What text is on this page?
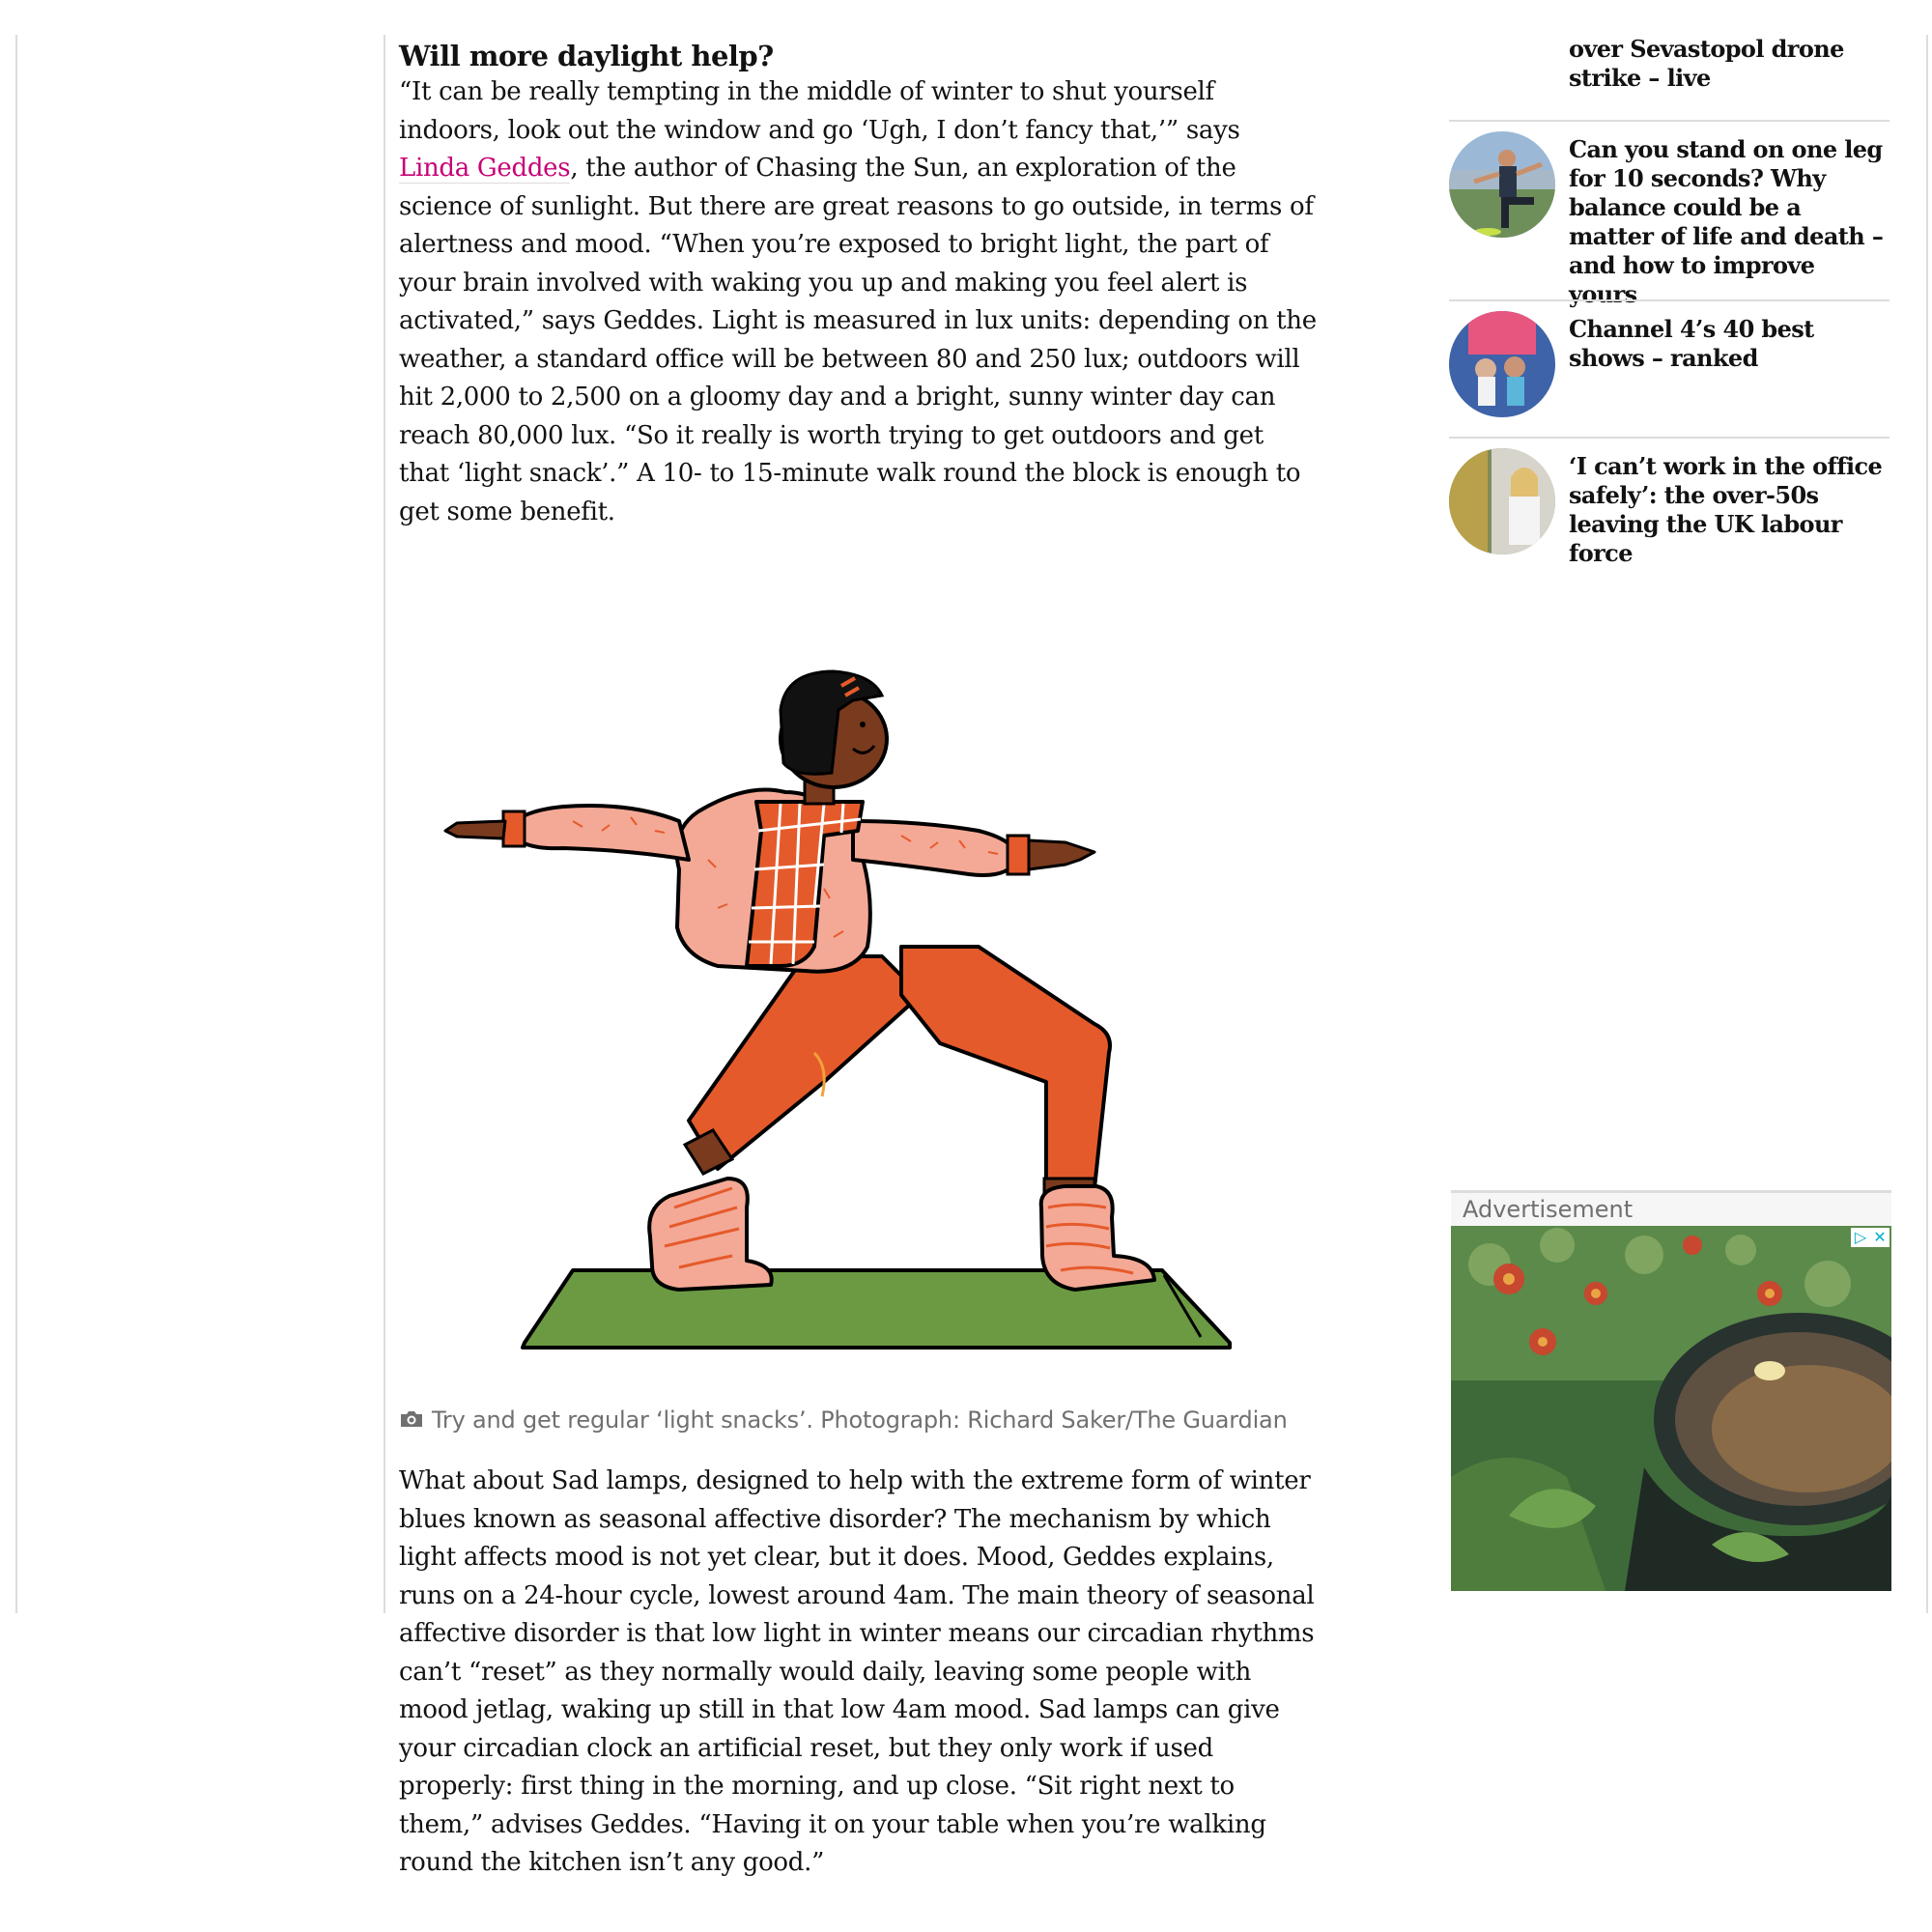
Will more daylight help?

“It can be really tempting in the middle of winter to shut yourself indoors, look out the window and go ‘Ugh, I don’t fancy that,’” says Linda Geddes, the author of Chasing the Sun, an exploration of the science of sunlight. But there are great reasons to go outside, in terms of alertness and mood. “When you’re exposed to bright light, the part of your brain involved with waking you up and making you feel alert is activated,” says Geddes. Light is measured in lux units: depending on the weather, a standard office will be between 80 and 250 lux; outdoors will hit 2,000 to 2,500 on a gloomy day and a bright, sunny winter day can reach 80,000 lux. “So it really is worth trying to get outdoors and get that ‘light snack’.” A 10- to 15-minute walk round the block is enough to get some benefit.

Try and get regular ‘light snacks’. Photograph: Richard Saker/The Guardian

What about Sad lamps, designed to help with the extreme form of winter blues known as seasonal affective disorder? The mechanism by which light affects mood is not yet clear, but it does. Mood, Geddes explains, runs on a 24-hour cycle, lowest around 4am. The main theory of seasonal affective disorder is that low light in winter means our circadian rhythms can’t “reset” as they normally would daily, leaving some people with mood jetlag, waking up still in that low 4am mood. Sad lamps can give your circadian clock an artificial reset, but they only work if used properly: first thing in the morning, and up close. “Sit right next to them,” advises Geddes. “Having it on your table when you’re walking round the kitchen isn’t any good.”

over Sevastopol drone strike – live
Can you stand on one leg for 10 seconds? Why balance could be a matter of life and death – and how to improve yours
Channel 4’s 40 best shows – ranked
‘I can’t work in the office safely’: the over-50s leaving the UK labour force
Advertisement
▷ ✕
